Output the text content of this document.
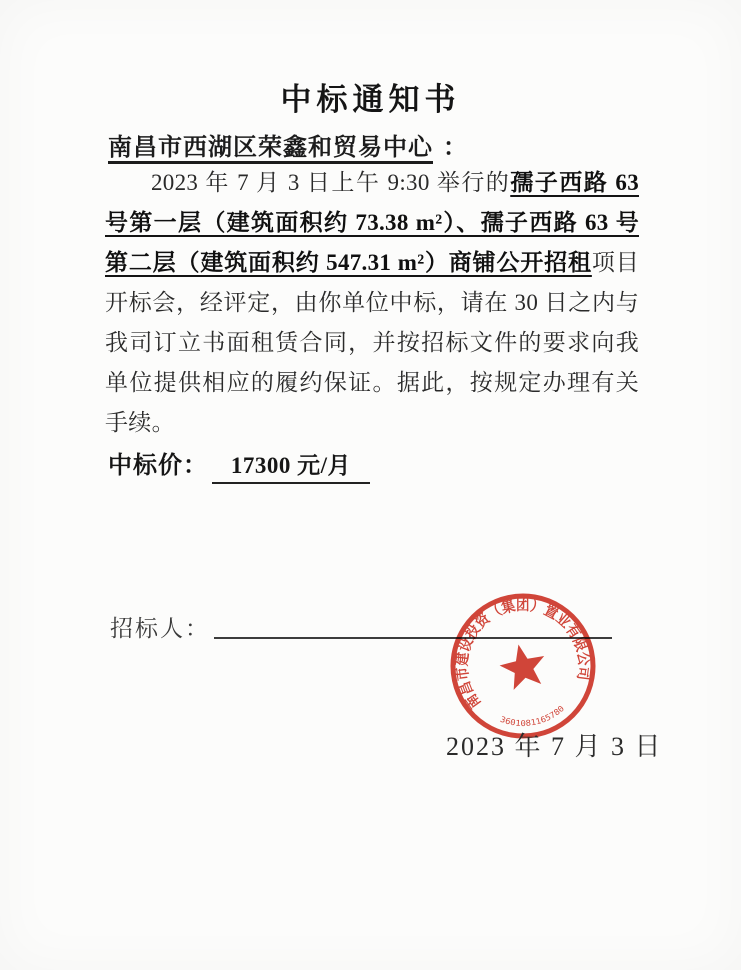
中标通知书
南昌市西湖区荣鑫和贸易中心 ：

2023 年 7 月 3 日上午 9:30 举行的孺子西路 63 号第一层（建筑面积约 73.38 m²）、孺子西路 63 号第二层（建筑面积约 547.31 m²）商铺公开招租项目开标会，经评定，由你单位中标，请在 30 日之内与我司订立书面租赁合同，并按招标文件的要求向我单位提供相应的履约保证。据此，按规定办理有关手续。

中标价： 17300 元/月
招标人：
南昌市建设投资（集团）置业有限公司
3601081165780
2023 年 7 月 3 日
